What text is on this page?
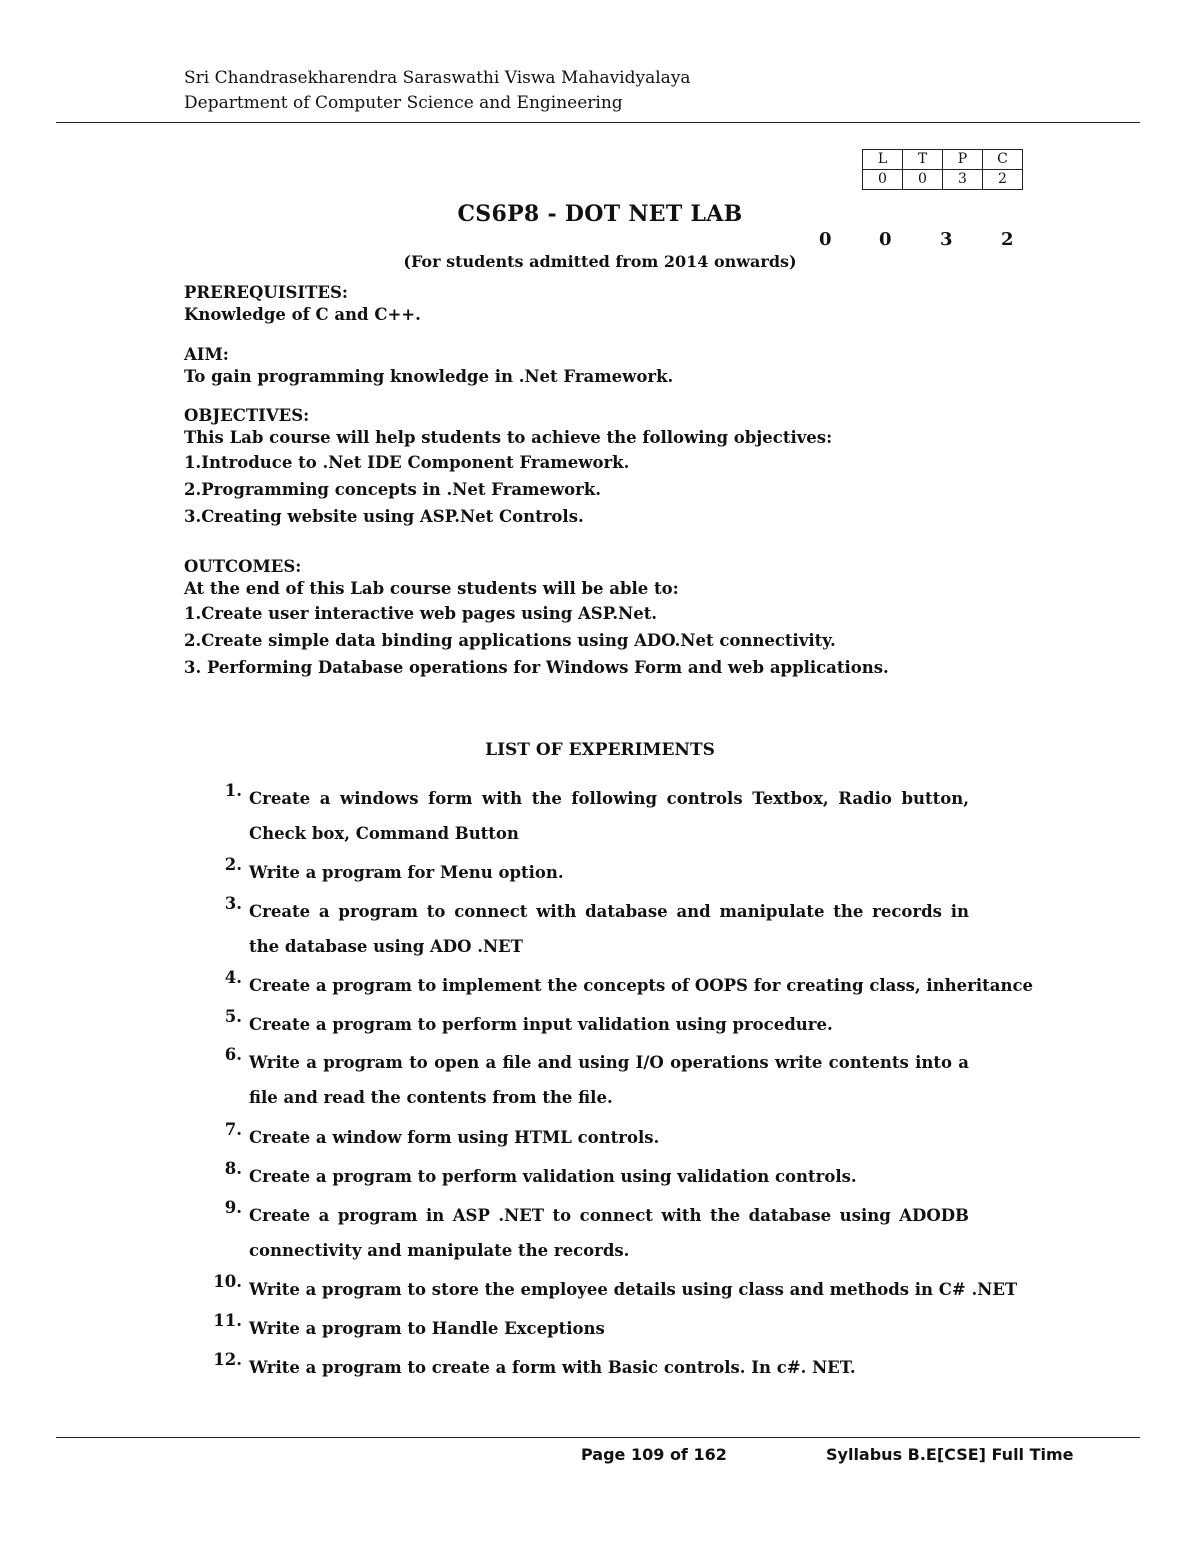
Sri Chandrasekharendra Saraswathi Viswa Mahavidyalaya
Department of Computer Science and Engineering
L	T	P	C
0	0	3	2
CS6P8 - DOT NET LAB
0	0	3	2
(For students admitted from 2014 onwards)
PREREQUISITES:
Knowledge of C and C++.
AIM:
To gain programming knowledge in .Net Framework.
OBJECTIVES:
This Lab course will help students to achieve the following objectives:
1.Introduce to .Net IDE Component Framework.
2.Programming concepts in .Net Framework.
3.Creating website using ASP.Net Controls.
OUTCOMES:
At the end of this Lab course students will be able to:
1.Create user interactive web pages using ASP.Net.
2.Create simple data binding applications using ADO.Net connectivity.
3. Performing Database operations for Windows Form and web applications.
LIST OF EXPERIMENTS
1. Create a windows form with the following controls Textbox, Radio button, Check box, Command Button
2. Write a program for Menu option.
3. Create a program to connect with database and manipulate the records in the database using ADO .NET
4. Create a program to implement the concepts of OOPS for creating class, inheritance
5. Create a program to perform input validation using procedure.
6. Write a program to open a file and using I/O operations write contents into a file and read the contents from the file.
7. Create a window form using HTML controls.
8. Create a program to perform validation using validation controls.
9. Create a program in ASP .NET to connect with the database using ADODB connectivity and manipulate the records.
10. Write a program to store the employee details using class and methods in C# .NET
11. Write a program to Handle Exceptions
12. Write a program to create a form with Basic controls. In c#. NET.
Page 109 of 162	Syllabus B.E[CSE] Full Time
